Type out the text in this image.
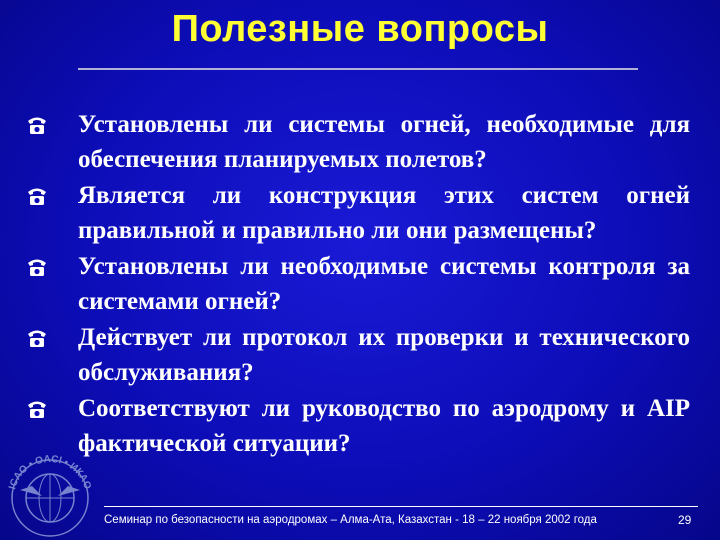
Полезные вопросы
Установлены ли системы огней, необходимые для обеспечения планируемых полетов?
Является ли конструкция этих систем огней правильной и правильно ли они размещены?
Установлены ли необходимые системы контроля за системами огней?
Действует ли протокол их проверки и технического обслуживания?
Соответствуют ли руководство по аэродрому и AIP фактической ситуации?
ICAO • OACI • ИКАО
Семинар по безопасности на аэродромах – Алма-Ата, Казахстан - 18 – 22 ноября 2002 года	29
